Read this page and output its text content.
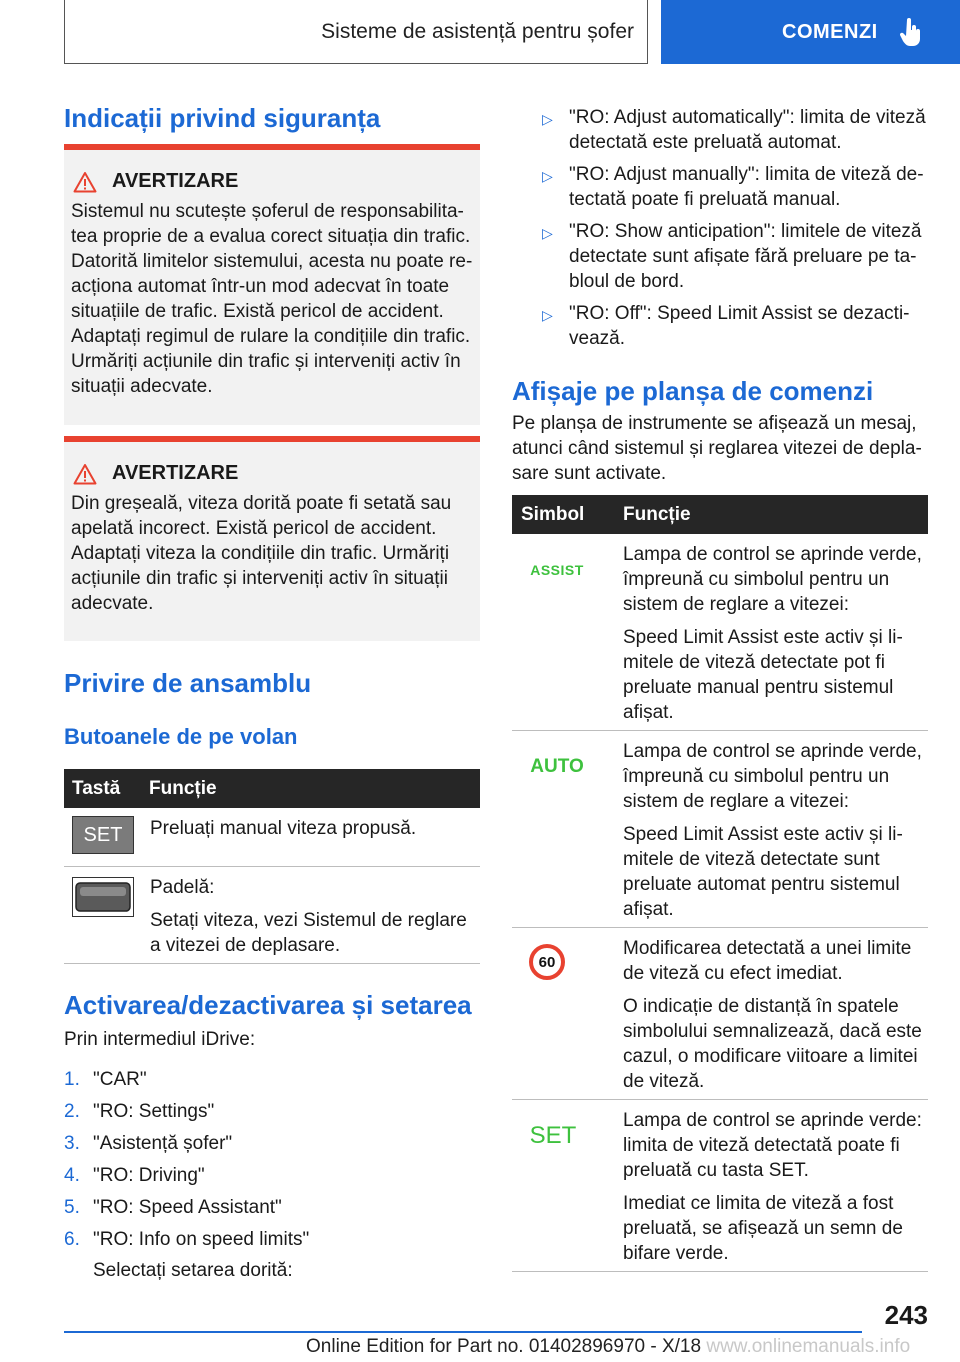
Sisteme de asistență pentru șofer	COMENZI
Indicații privind siguranța
AVERTIZARE
Sistemul nu scutește șoferul de responsabilita-tea proprie de a evalua corect situația din trafic. Datorită limitelor sistemului, acesta nu poate re-acționa automat într-un mod adecvat în toate situațiile de trafic. Există pericol de accident. Adaptați regimul de rulare la condițiile din trafic. Urmăriți acțiunile din trafic și interveniți activ în situații adecvate.
AVERTIZARE
Din greșeală, viteza dorită poate fi setată sau apelată incorect. Există pericol de accident. Adaptați viteza la condițiile din trafic. Urmăriți acțiunile din trafic și interveniți activ în situații adecvate.
Privire de ansamblu
Butoanele de pe volan
Tastă Funcție
SET Preluați manual viteza propusă.

Padelă:

Setați viteza, vezi Sistemul de reglare a vitezei de deplasare.

Activarea/dezactivarea și setarea
Prin intermediul iDrive:
1. "CAR"
2. "RO: Settings"
3. "Asistență șofer"
4. "RO: Driving"
5. "RO: Speed Assistant"
6. "RO: Info on speed limits"
Selectați setarea dorită:
▷ "RO: Adjust automatically": limita de viteză detectată este preluată automat.
▷ "RO: Adjust manually": limita de viteză de-tectată poate fi preluată manual.
▷ "RO: Show anticipation": limitele de viteză detectate sunt afișate fără preluare pe ta-bloul de bord.
▷ "RO: Off": Speed Limit Assist se dezacti-vează.
Afișaje pe planșa de comenzi
Pe planșa de instrumente se afișează un mesaj, atunci când sistemul și reglarea vitezei de depla-sare sunt activate.
Simbol Funcție
ASSIST

Lampa de control se aprinde verde, împreună cu simbolul pentru un sistem de reglare a vitezei:

Speed Limit Assist este activ și li-mitele de viteză detectate pot fi preluate manual pentru sistemul afișat.

AUTO

Lampa de control se aprinde verde, împreună cu simbolul pentru un sistem de reglare a vitezei:

Speed Limit Assist este activ și li-mitele de viteză detectate sunt preluate automat pentru sistemul afișat.

60

Modificarea detectată a unei limite de viteză cu efect imediat.

O indicație de distanță în spatele simbolului semnalizează, dacă este cazul, o modificare viitoare a limitei de viteză.

SET

Lampa de control se aprinde verde: limita de viteză detectată poate fi preluată cu tasta SET.

Imediat ce limita de viteză a fost preluată, se afișează un semn de bifare verde.

243
Online Edition for Part no. 01402896970 - X/18 www.onlinemanuals.info
